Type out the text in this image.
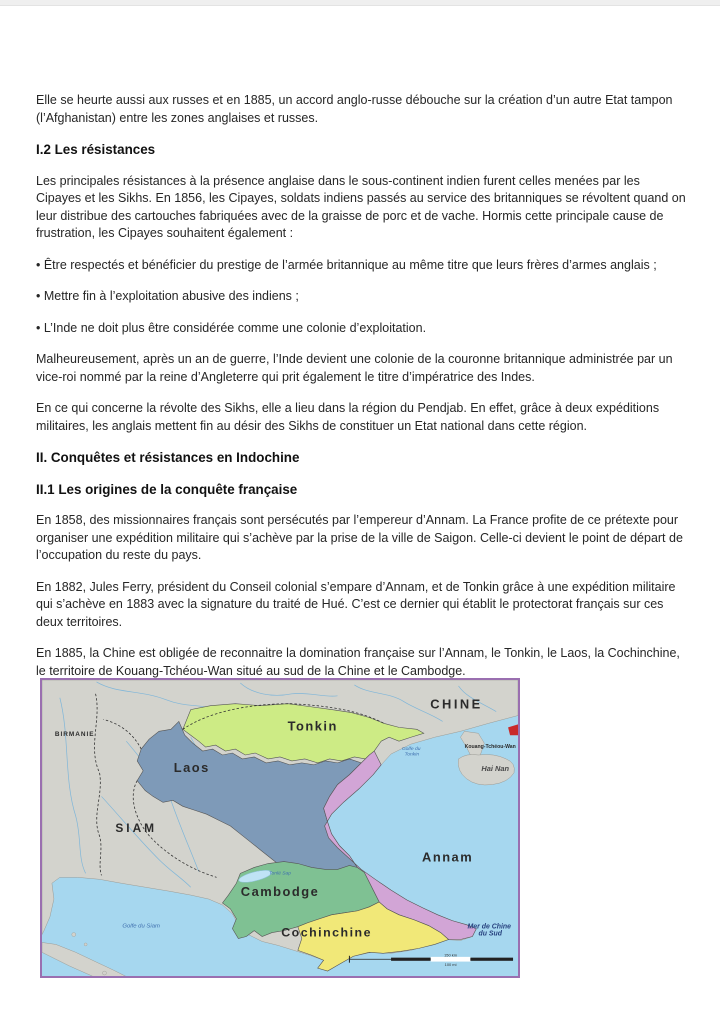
Elle se heurte aussi aux russes et en 1885, un accord anglo-russe débouche sur la création d’un autre Etat tampon (l’Afghanistan) entre les zones anglaises et russes.

I.2 Les résistances

Les principales résistances à la présence anglaise dans le sous-continent indien furent celles menées par les Cipayes et les Sikhs. En 1856, les Cipayes, soldats indiens passés au service des britanniques se révoltent quand on leur distribue des cartouches fabriquées avec de la graisse de porc et de vache. Hormis cette principale cause de frustration, les Cipayes souhaitent également :

• Être respectés et bénéficier du prestige de l’armée britannique au même titre que leurs frères d’armes anglais ;

• Mettre fin à l’exploitation abusive des indiens ;

• L’Inde ne doit plus être considérée comme une colonie d’exploitation.

Malheureusement, après un an de guerre, l’Inde devient une colonie de la couronne britannique administrée par un vice-roi nommé par la reine d’Angleterre qui prit également le titre d’impératrice des Indes.

En ce qui concerne la révolte des Sikhs, elle a lieu dans la région du Pendjab. En effet, grâce à deux expéditions militaires, les anglais mettent fin au désir des Sikhs de constituer un Etat national dans cette région.

II. Conquêtes et résistances en Indochine
II.1 Les origines de la conquête française

En 1858, des missionnaires français sont persécutés par l’empereur d’Annam. La France profite de ce prétexte pour organiser une expédition militaire qui s’achève par la prise de la ville de Saigon. Celle-ci devient le point de départ de l’occupation du reste du pays.

En 1882, Jules Ferry, président du Conseil colonial s’empare d’Annam, et de Tonkin grâce à une expédition militaire qui s’achève en 1883 avec la signature du traité de Hué. C’est ce dernier qui établit le protectorat français sur ces deux territoires.

En 1885, la Chine est obligée de reconnaitre la domination française sur l’Annam, le Tonkin, le Laos, la Cochinchine, le territoire de Kouang-Tchéou-Wan situé au sud de la Chine et le Cambodge.

150 km
100 mi
CHINE
BIRMANIE
Tonkin
Laos
SIAM
Annam
Cambodge
Cochinchine
Kouang-Tchéou-Wan
Hai Nan
Golfe du Tonkin
Golfe du Siam	Mer de Chine du Sud
Tonlé Sap
